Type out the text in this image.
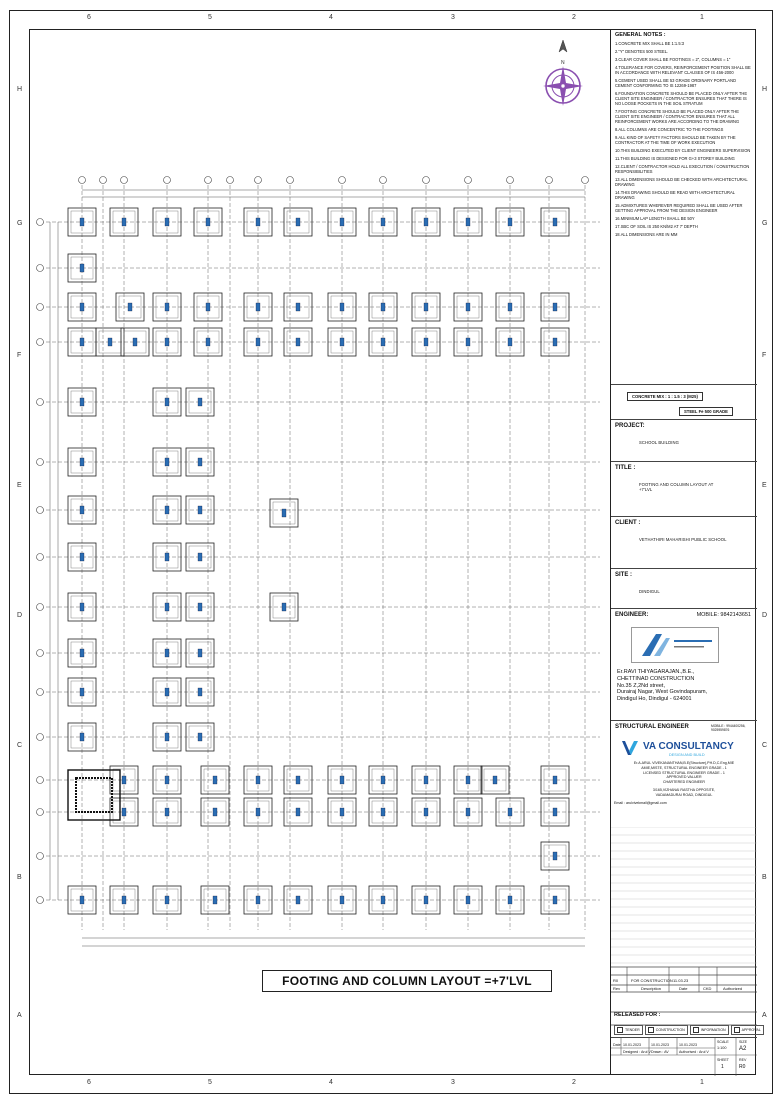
6
6
5
5
4
4
3
3
2
2
1
1
H	H
G	G
F	F
E	E
D	D
C	C
B	B
A	A
FOOTING AND COLUMN LAYOUT =+7'LVL
GENERAL NOTES :
1.CONCRETE MIX SHALL BE 1:1.5:3
2."Y" DENOTES 500 STEEL.
3.CLEAR COVER SHALL BE FOOTINGS = 2", COLUMNS = 1"
4.TOLERANCE FOR COVERS, REINFORCEMENT POSITION SHALL BE IN ACCORDANCE WITH RELEVANT CLAUSES OF IS 456-2000
5.CEMENT USED SHALL BE 53 GRADE ORDINARY PORTLAND CEMENT CONFORMING TO IS 12269-1987
6.FOUNDATION CONCRETE SHOULD BE PLACED ONLY AFTER THE CLIENT SITE ENGINEER / CONTRACTOR ENSURES THAT THERE IS NO LOOSE POCKETS IN THE SOIL STRATUM
7.FOOTING CONCRETE SHOULD BE PLACED ONLY AFTER THE CLIENT SITE ENGINEER / CONTRACTOR ENSURES THAT ALL REINFORCEMENT WORKS ARE ACCORDING TO THE DRAWING
8.ALL COLUMNS ARE CONCENTRIC TO THE FOOTINGS
9.ALL KIND OF SAFETY FACTORS SHOULD BE TAKEN BY THE CONTRACTOR AT THE TIME OF WORK EXECUTION
10.THIS BUILDING EXECUTED BY CLIENT ENGINEERS SUPERVISION
11.THIS BUILDING IS DESIGNED FOR G+3 STOREY BUILDING
12.CLIENT / CONTRACTOR HOLD ALL EXECUTION / CONSTRUCTION RESPONSIBILITIES
13.ALL DIMENSIONS SHOULD BE CHECKED WITH ARCHITECTURAL DRAWING
14.THIS DRAWING SHOULD BE READ WITH ARCHITECTURAL DRAWING
15.ADMIXTURES WHEREVER REQUIRED SHALL BE USED AFTER GETTING APPROVAL FROM THE DESIGN ENGINEER
16.MINIMUM LAP LENGTH SHALL BE 50Y
17.SBC OF SOIL IS 250 KN/M2 AT 7' DEPTH
18.ALL DIMENSIONS ARE IN MM
CONCRETE MIX : 1 : 1.5 : 3 (M25)
STEEL Fe 500 GRADE
PROJECT:
SCHOOL BUILDING
TITLE :
FOOTING AND COLUMN LAYOUT AT +7'LVL
CLIENT :
VETHATHIRI MAHARISHI PUBLIC SCHOOL
SITE :
DINDIGUL
ENGINEER:	MOBILE: 9842143651
Er.RAVI THIYAGARAJAN.,B.E.,
CHETTINAD CONSTRUCTION
No.35 Z,2Nd street,
Durairaj Nagar, West Govindapuram,
Dindigul Ho, Dindigul - 624001
STRUCTURAL ENGINEER	MOBILE : 9944400256, 9025959876
VA CONSULTANCY
DESIGN AND BUILD
Er.A.ARUL VIVEKANANTHAN,B.E(Structure),PH.D,C.Eng,MIE
AMIE,MISTE, STRUCTURAL ENGINEER GRADE - 1
LICENSED STRUCTURAL ENGINEER GRADE - 1
APPROVED VALUER
CHARTERED ENGINEER
3/165,VIZHANAI RASTHA OPPOSITE,
VADAMADURAI ROAD, DINDIGUL
Email : arulvivekmail@gmail.com
R0	FOR CONSTRUCTION 11.03.23
Rev	Description	Date	CKD	Authorized
RELEASED FOR :
TENDER	CONSTRUCTION	INFORMATION	APPROVAL
Date 10.01.2023	10.01.2023	10.01.2023
Designed : Arul V Drawn : AV	Authorised : Arul V
SCALE
1:100
SIZE
A2
SHEET
1
REV
R0
N
